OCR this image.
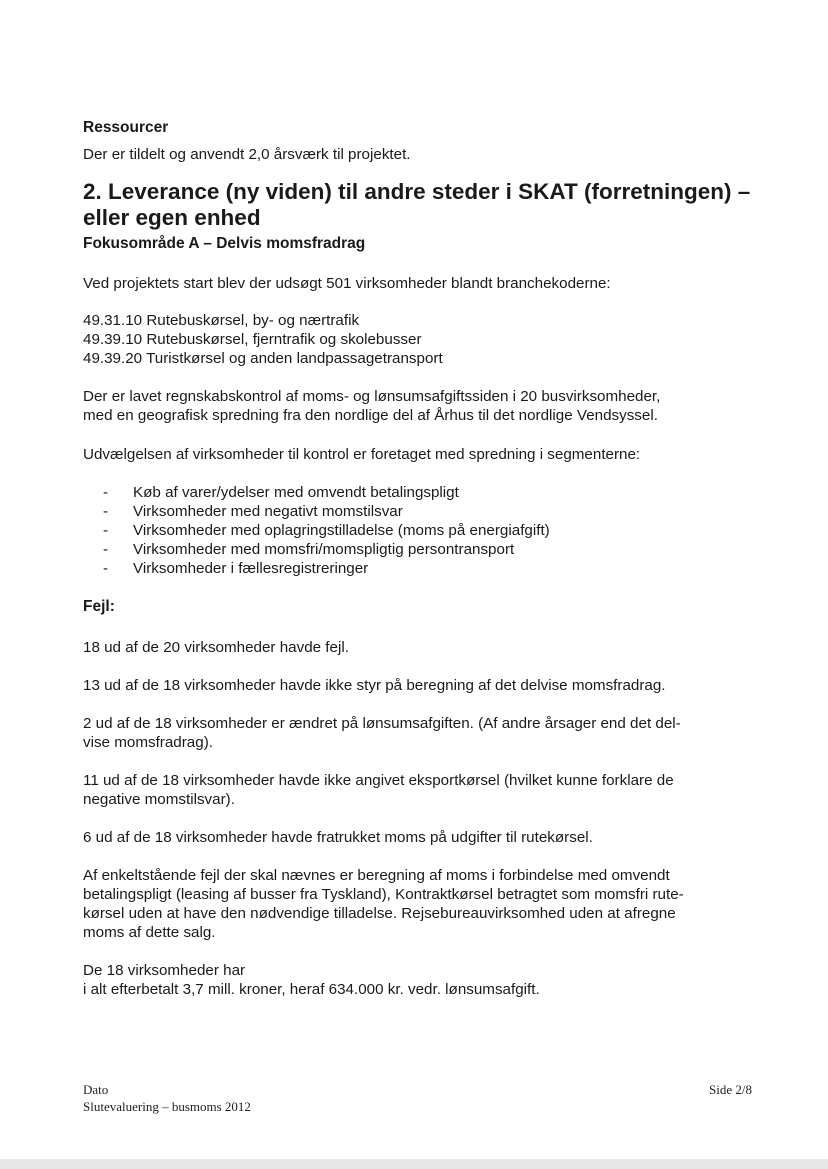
Ressourcer

Der er tildelt og anvendt 2,0 årsværk til projektet.

2. Leverance (ny viden) til andre steder i SKAT (forretningen) –
eller egen enhed
Fokusområde A – Delvis momsfradrag

Ved projektets start blev der udsøgt 501 virksomheder blandt branchekoderne:

49.31.10 Rutebuskørsel, by- og nærtrafik

49.39.10 Rutebuskørsel, fjerntrafik og skolebusser

49.39.20 Turistkørsel og anden landpassagetransport

Der er lavet regnskabskontrol af moms- og lønsumsafgiftssiden i 20 busvirksomheder,

med en geografisk spredning fra den nordlige del af Århus til det nordlige Vendsyssel.

Udvælgelsen af virksomheder til kontrol er foretaget med spredning i segmenterne:

- Køb af varer/ydelser med omvendt betalingspligt
- Virksomheder med negativt momstilsvar
- Virksomheder med oplagringstilladelse (moms på energiafgift)
- Virksomheder med momsfri/momspligtig persontransport
- Virksomheder i fællesregistreringer

Fejl:

18 ud af de 20 virksomheder havde fejl.

13 ud af de 18 virksomheder havde ikke styr på beregning af det delvise momsfradrag.

2 ud af de 18 virksomheder er ændret på lønsumsafgiften. (Af andre årsager end det del-

vise momsfradrag).

11 ud af de 18 virksomheder havde ikke angivet eksportkørsel (hvilket kunne forklare de

negative momstilsvar).

6 ud af de 18 virksomheder havde fratrukket moms på udgifter til rutekørsel.

Af enkeltstående fejl der skal nævnes er beregning af moms i forbindelse med omvendt

betalingspligt (leasing af busser fra Tyskland), Kontraktkørsel betragtet som momsfri rute-

kørsel uden at have den nødvendige tilladelse. Rejsebureauvirksomhed uden at afregne

moms af dette salg.

De 18 virksomheder har

i alt efterbetalt 3,7 mill. kroner, heraf 634.000 kr. vedr. lønsumsafgift.

Dato
Slutevaluering – busmoms 2012
Side 2/8
